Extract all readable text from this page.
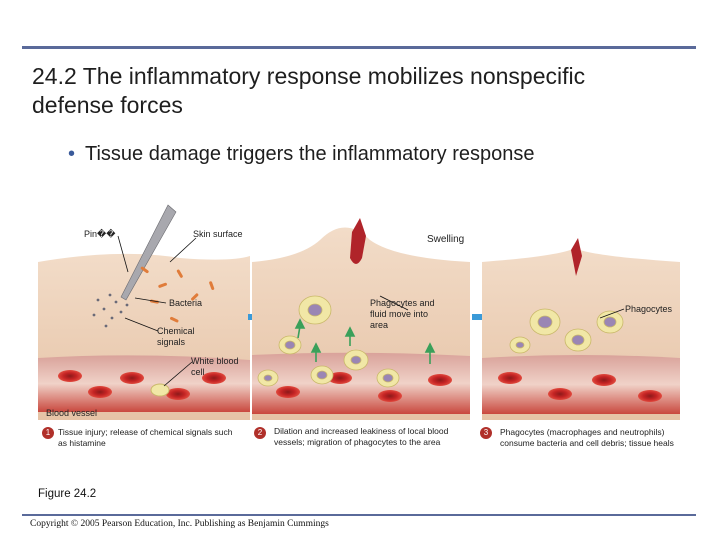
24.2 The inflammatory response mobilizes nonspecific defense forces
• Tissue damage triggers the inflammatory response
Pin��	Skin surface	Swelling
Bacteria
Chemical signals
White blood cell
Blood vessel
Phagocytes and fluid move into area
Phagocytes
1 Tissue injury; release of chemical signals such as histamine
2	Dilation and increased leakiness of local blood vessels; migration of phagocytes to the area
3	Phagocytes (macrophages and neutrophils) consume bacteria and cell debris; tissue heals
Figure 24.2
Copyright © 2005 Pearson Education, Inc. Publishing as Benjamin Cummings
